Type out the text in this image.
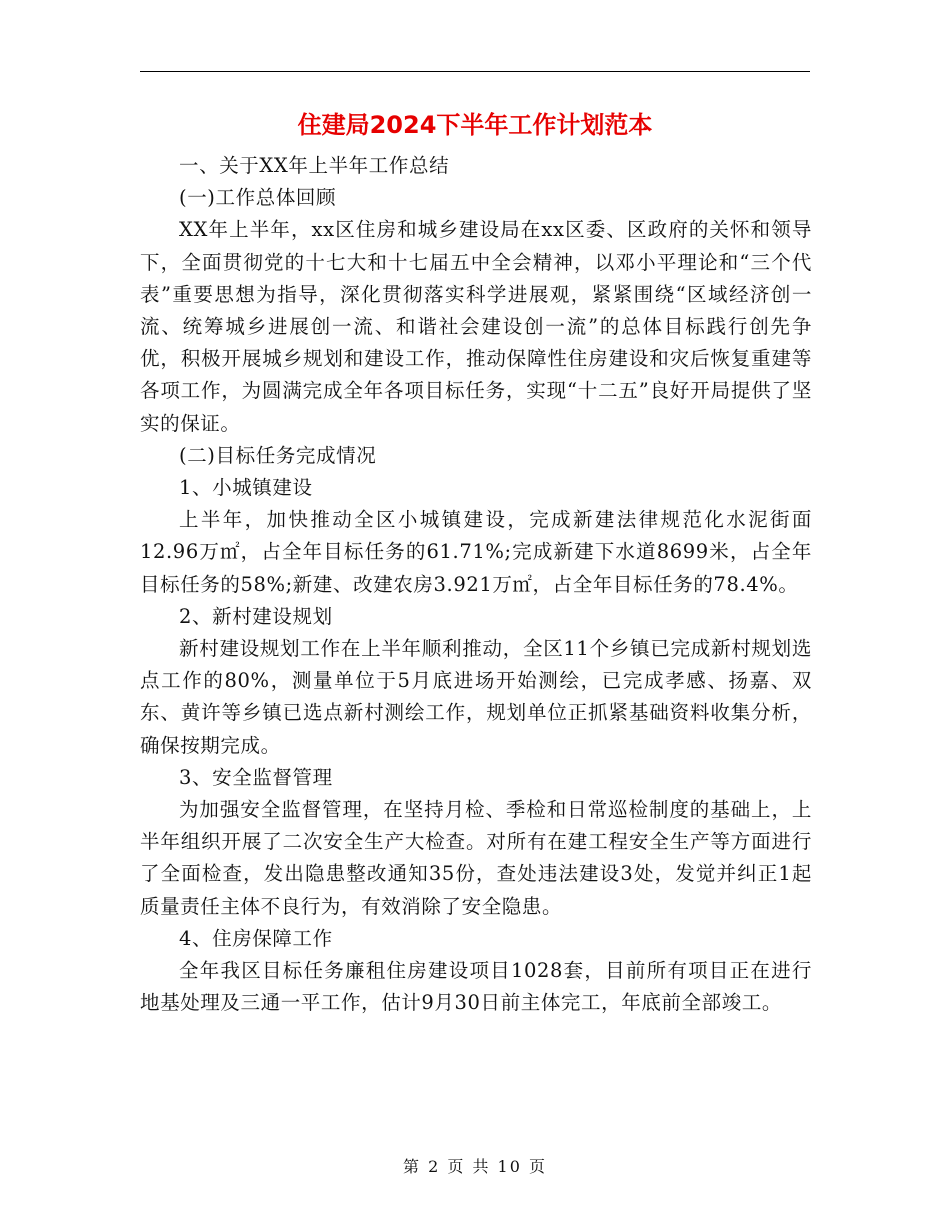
住建局2024下半年工作计划范本

一、关于XX年上半年工作总结

(一)工作总体回顾

XX年上半年，xx区住房和城乡建设局在xx区委、区政府的关怀和领导下，全面贯彻党的十七大和十七届五中全会精神，以邓小平理论和“三个代表”重要思想为指导，深化贯彻落实科学进展观，紧紧围绕“区域经济创一流、统筹城乡进展创一流、和谐社会建设创一流”的总体目标践行创先争优，积极开展城乡规划和建设工作，推动保障性住房建设和灾后恢复重建等各项工作，为圆满完成全年各项目标任务，实现“十二五”良好开局提供了坚实的保证。

(二)目标任务完成情况

1、小城镇建设

上半年，加快推动全区小城镇建设，完成新建法律规范化水泥街面12.96万㎡，占全年目标任务的61.71%;完成新建下水道8699米，占全年目标任务的58%;新建、改建农房3.921万㎡，占全年目标任务的78.4%。

2、新村建设规划

新村建设规划工作在上半年顺利推动，全区11个乡镇已完成新村规划选点工作的80%，测量单位于5月底进场开始测绘，已完成孝感、扬嘉、双东、黄许等乡镇已选点新村测绘工作，规划单位正抓紧基础资料收集分析，确保按期完成。

3、安全监督管理

为加强安全监督管理，在坚持月检、季检和日常巡检制度的基础上，上半年组织开展了二次安全生产大检查。对所有在建工程安全生产等方面进行了全面检查，发出隐患整改通知35份，查处违法建设3处，发觉并纠正1起质量责任主体不良行为，有效消除了安全隐患。

4、住房保障工作

全年我区目标任务廉租住房建设项目1028套，目前所有项目正在进行地基处理及三通一平工作，估计9月30日前主体完工，年底前全部竣工。

第 2 页 共 10 页
